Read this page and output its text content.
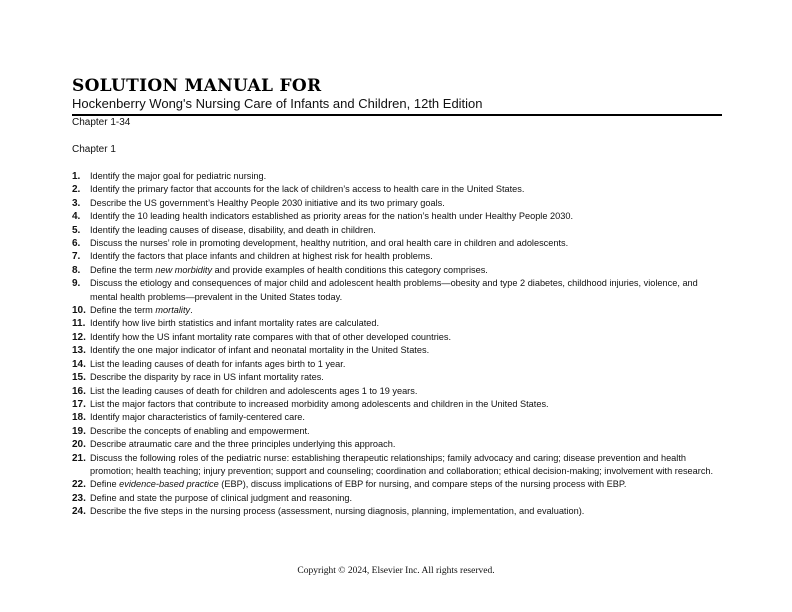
SOLUTION MANUAL FOR
Hockenberry Wong's Nursing Care of Infants and Children, 12th Edition
Chapter 1-34
Chapter 1
1.	Identify the major goal for pediatric nursing.
2.	Identify the primary factor that accounts for the lack of children’s access to health care in the United States.
3.	Describe the US government’s Healthy People 2030 initiative and its two primary goals.
4.	Identify the 10 leading health indicators established as priority areas for the nation’s health under Healthy People 2030.
5.	Identify the leading causes of disease, disability, and death in children.
6.	Discuss the nurses’ role in promoting development, healthy nutrition, and oral health care in children and adolescents.
7.	Identify the factors that place infants and children at highest risk for health problems.
8.	Define the term new morbidity and provide examples of health conditions this category comprises.
9.	Discuss the etiology and consequences of major child and adolescent health problems—obesity and type 2 diabetes, childhood injuries, violence, and mental health problems—prevalent in the United States today.
10. Define the term mortality.
11. Identify how live birth statistics and infant mortality rates are calculated.
12. Identify how the US infant mortality rate compares with that of other developed countries.
13. Identify the one major indicator of infant and neonatal mortality in the United States.
14. List the leading causes of death for infants ages birth to 1 year.
15. Describe the disparity by race in US infant mortality rates.
16. List the leading causes of death for children and adolescents ages 1 to 19 years.
17. List the major factors that contribute to increased morbidity among adolescents and children in the United States.
18. Identify major characteristics of family-centered care.
19. Describe the concepts of enabling and empowerment.
20. Describe atraumatic care and the three principles underlying this approach.
21. Discuss the following roles of the pediatric nurse: establishing therapeutic relationships; family advocacy and caring; disease prevention and health promotion; health teaching; injury prevention; support and counseling; coordination and collaboration; ethical decision-making; involvement with research.
22. Define evidence-based practice (EBP), discuss implications of EBP for nursing, and compare steps of the nursing process with EBP.
23. Define and state the purpose of clinical judgment and reasoning.
24. Describe the five steps in the nursing process (assessment, nursing diagnosis, planning, implementation, and evaluation).
Copyright © 2024, Elsevier Inc. All rights reserved.
